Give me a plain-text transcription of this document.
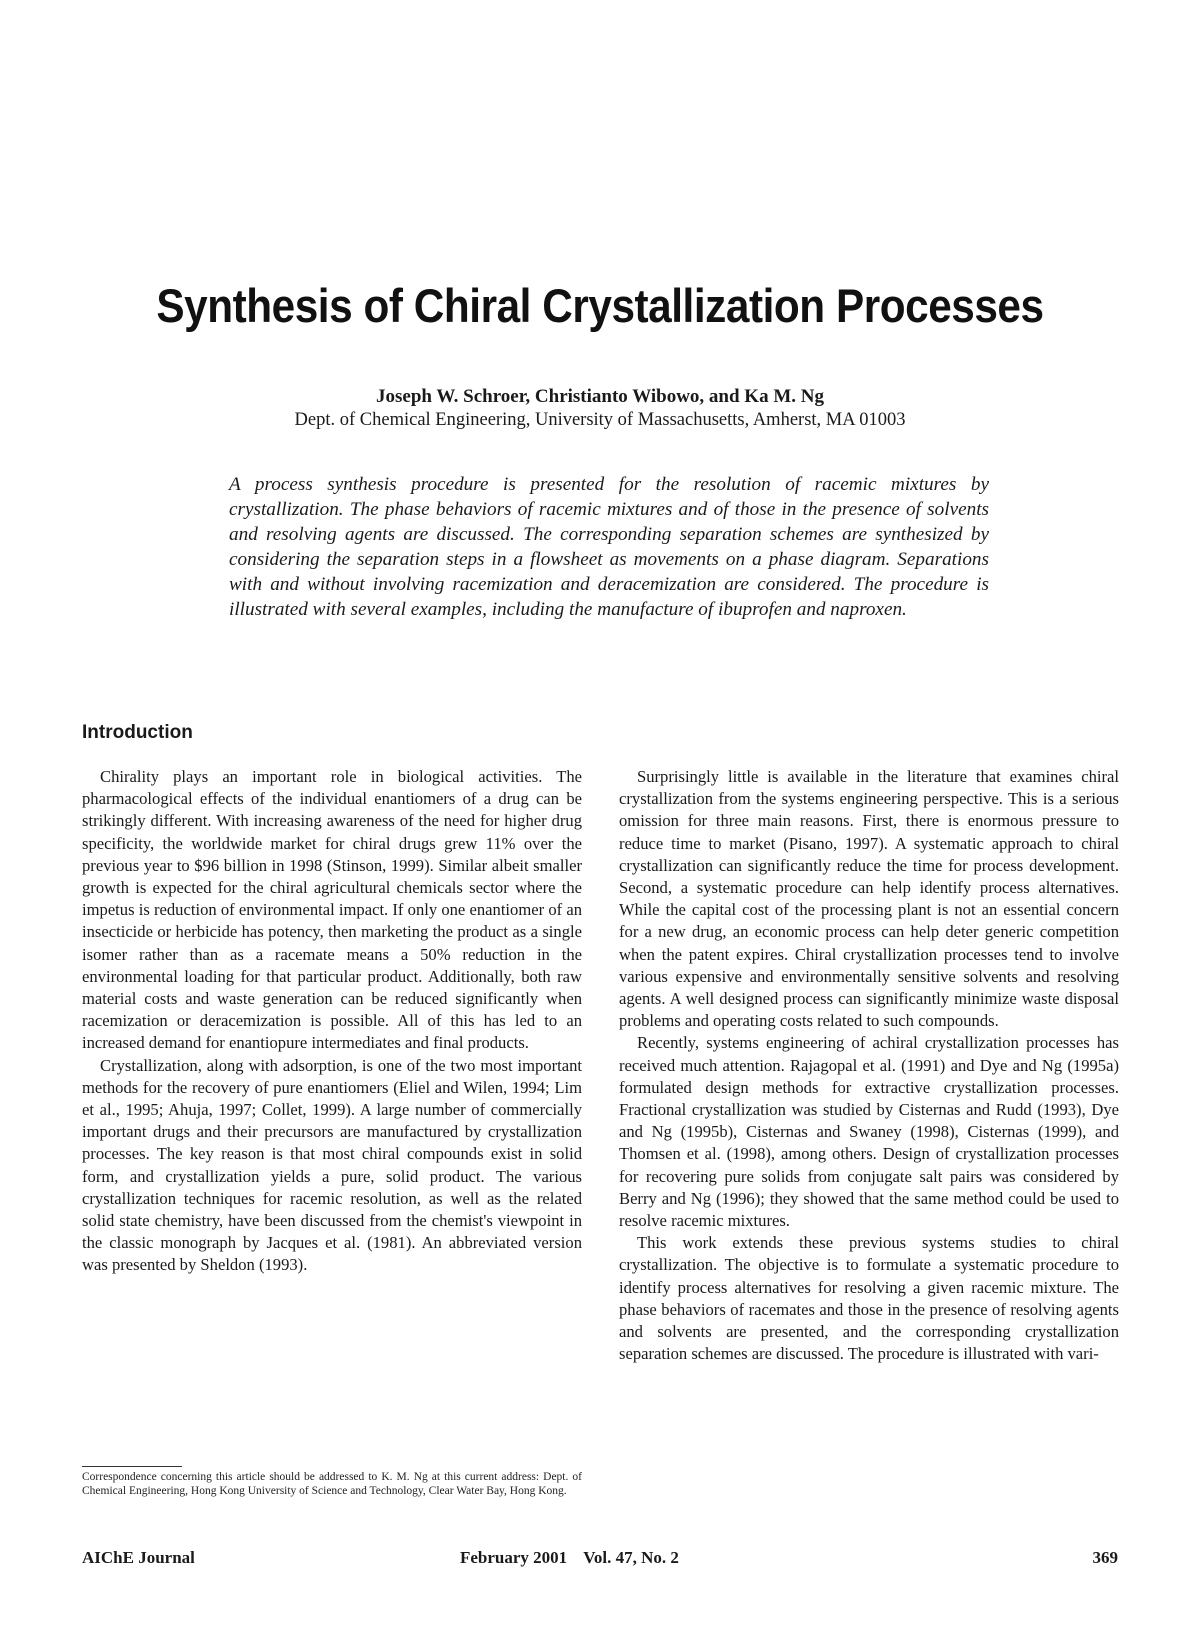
Synthesis of Chiral Crystallization Processes
Joseph W. Schroer, Christianto Wibowo, and Ka M. Ng
Dept. of Chemical Engineering, University of Massachusetts, Amherst, MA 01003

A process synthesis procedure is presented for the resolution of racemic mixtures by crystallization. The phase behaviors of racemic mixtures and of those in the presence of solvents and resolving agents are discussed. The corresponding separation schemes are synthesized by considering the separation steps in a flowsheet as movements on a phase diagram. Separations with and without involving racemization and deracemization are considered. The procedure is illustrated with several examples, including the manufacture of ibuprofen and naproxen.

Introduction

Chirality plays an important role in biological activities. The pharmacological effects of the individual enantiomers of a drug can be strikingly different. With increasing awareness of the need for higher drug specificity, the worldwide market for chiral drugs grew 11% over the previous year to $96 billion in 1998 (Stinson, 1999). Similar albeit smaller growth is expected for the chiral agricultural chemicals sector where the impetus is reduction of environmental impact. If only one enantiomer of an insecticide or herbicide has potency, then marketing the product as a single isomer rather than as a racemate means a 50% reduction in the environmental loading for that particular product. Additionally, both raw material costs and waste generation can be reduced significantly when racemization or deracemization is possible. All of this has led to an increased demand for enantiopure intermediates and final products.

Crystallization, along with adsorption, is one of the two most important methods for the recovery of pure enantiomers (Eliel and Wilen, 1994; Lim et al., 1995; Ahuja, 1997; Collet, 1999). A large number of commercially important drugs and their precursors are manufactured by crystallization processes. The key reason is that most chiral compounds exist in solid form, and crystallization yields a pure, solid product. The various crystallization techniques for racemic resolution, as well as the related solid state chemistry, have been discussed from the chemist's viewpoint in the classic monograph by Jacques et al. (1981). An abbreviated version was presented by Sheldon (1993).

Surprisingly little is available in the literature that examines chiral crystallization from the systems engineering perspective. This is a serious omission for three main reasons. First, there is enormous pressure to reduce time to market (Pisano, 1997). A systematic approach to chiral crystallization can significantly reduce the time for process development. Second, a systematic procedure can help identify process alternatives. While the capital cost of the processing plant is not an essential concern for a new drug, an economic process can help deter generic competition when the patent expires. Chiral crystallization processes tend to involve various expensive and environmentally sensitive solvents and resolving agents. A well designed process can significantly minimize waste disposal problems and operating costs related to such compounds.

Recently, systems engineering of achiral crystallization processes has received much attention. Rajagopal et al. (1991) and Dye and Ng (1995a) formulated design methods for extractive crystallization processes. Fractional crystallization was studied by Cisternas and Rudd (1993), Dye and Ng (1995b), Cisternas and Swaney (1998), Cisternas (1999), and Thomsen et al. (1998), among others. Design of crystallization processes for recovering pure solids from conjugate salt pairs was considered by Berry and Ng (1996); they showed that the same method could be used to resolve racemic mixtures.

This work extends these previous systems studies to chiral crystallization. The objective is to formulate a systematic procedure to identify process alternatives for resolving a given racemic mixture. The phase behaviors of racemates and those in the presence of resolving agents and solvents are presented, and the corresponding crystallization separation schemes are discussed. The procedure is illustrated with vari-

Correspondence concerning this article should be addressed to K. M. Ng at this current address: Dept. of Chemical Engineering, Hong Kong University of Science and Technology, Clear Water Bay, Hong Kong.

AIChE Journal	February 2001 Vol. 47, No. 2	369
